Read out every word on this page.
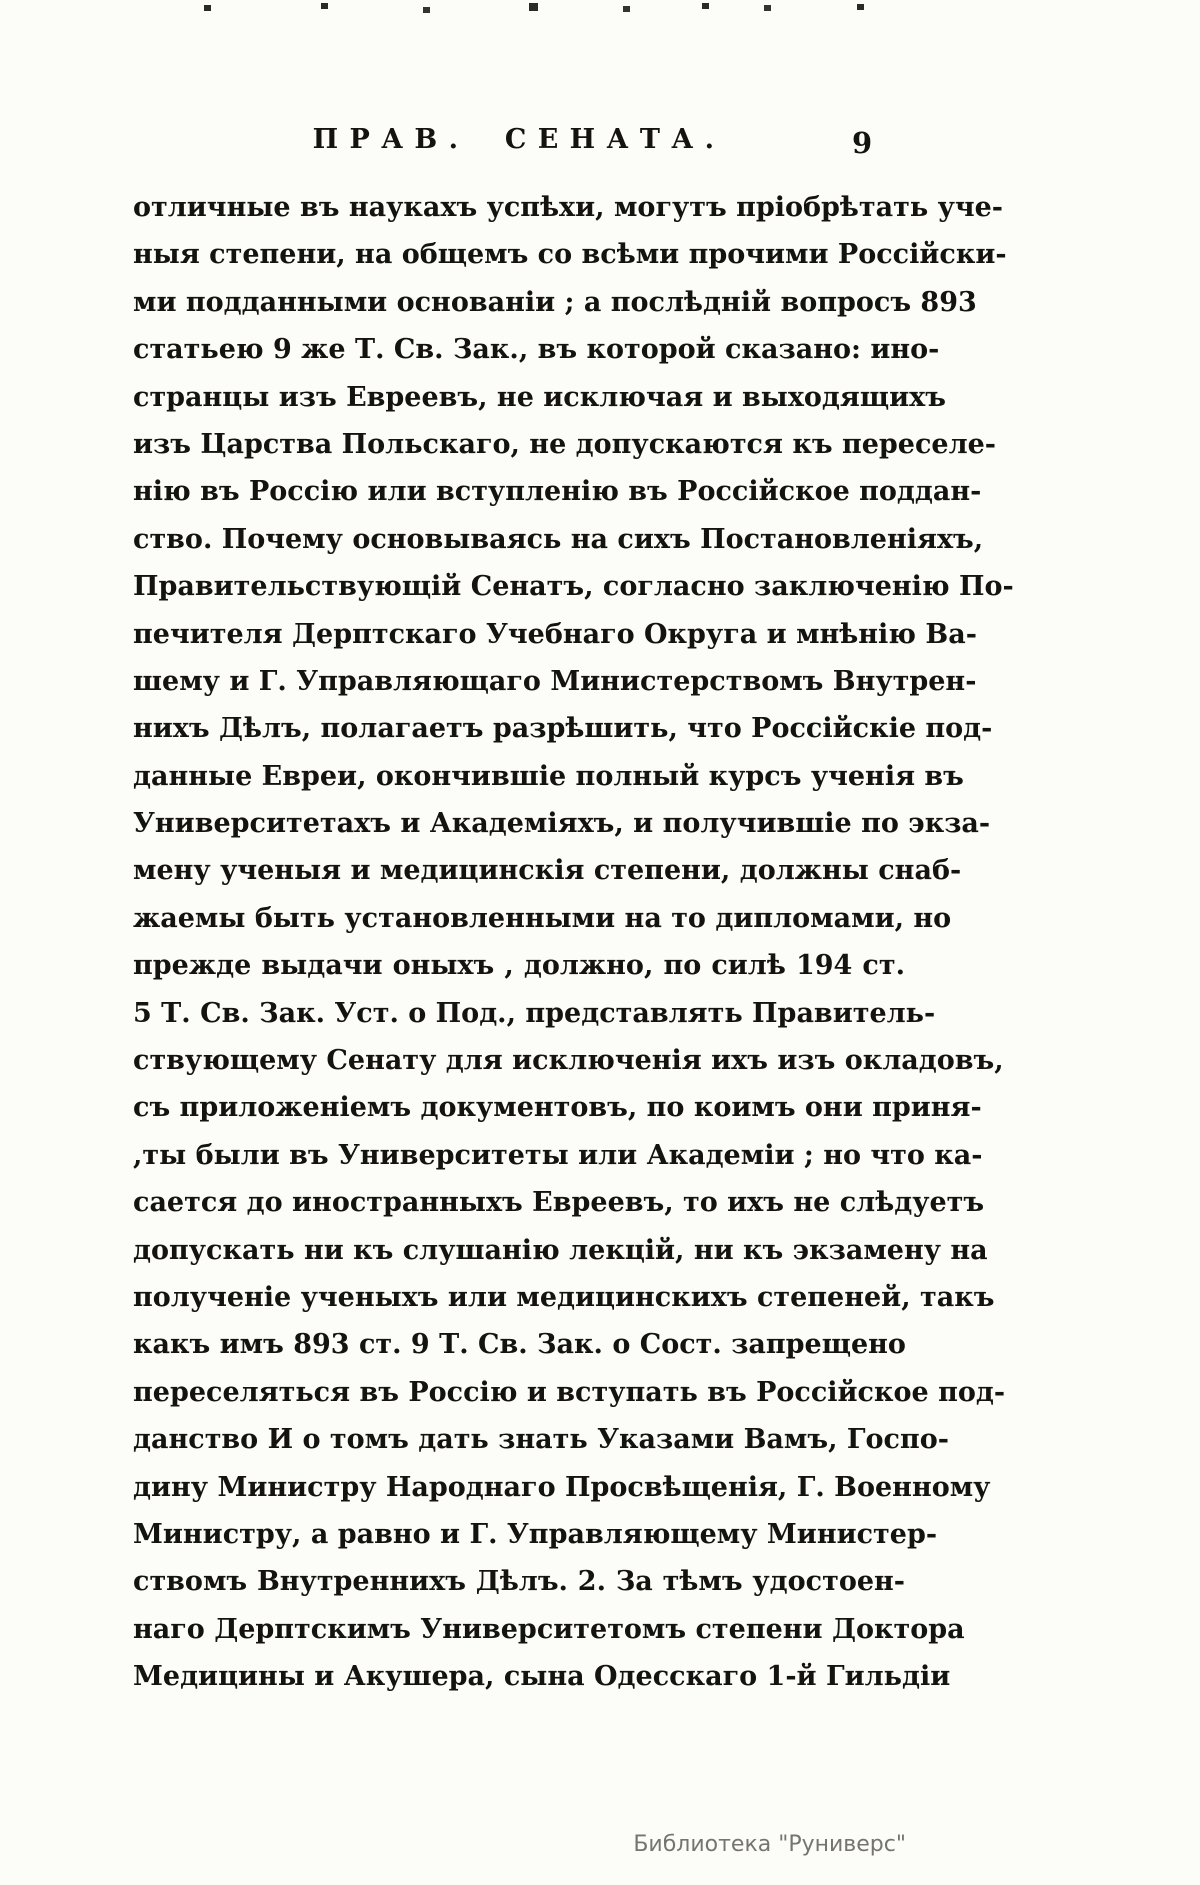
ПРАВ. СЕНАТА.	9
отличные въ наукахъ успѣхи, могутъ пріобрѣтать уче-
ныя степени, на общемъ со всѣми прочими Россійски-
ми подданными основаніи ; а послѣдній вопросъ 893
статьею 9 же Т. Св. Зак., въ которой сказано: ино-
странцы изъ Евреевъ, не исключая и выходящихъ
изъ Царства Польскаго, не допускаются къ переселе-
нію въ Россію или вступленію въ Россійское поддан-
ство. Почему основываясь на сихъ Постановленіяхъ,
Правительствующій Сенатъ, согласно заключенію По-
печителя Дерптскаго Учебнаго Округа и мнѣнію Ва-
шему и Г. Управляющаго Министерствомъ Внутрен-
нихъ Дѣлъ, полагаетъ разрѣшить, что Россійскіе под-
данные Евреи, окончившіе полный курсъ ученія въ
Университетахъ и Академіяхъ, и получившіе по экза-
мену ученыя и медицинскія степени, должны снаб-
жаемы быть установленными на то дипломами, но
прежде выдачи оныхъ , должно, по силѣ 194 ст.
5 Т. Св. Зак. Уст. о Под., представлять Правитель-
ствующему Сенату для исключенія ихъ изъ окладовъ,
съ приложеніемъ документовъ, по коимъ они приня-
,ты были въ Университеты или Академіи ; но что ка-
сается до иностранныхъ Евреевъ, то ихъ не слѣдуетъ
допускать ни къ слушанію лекцій, ни къ экзамену на
полученіе ученыхъ или медицинскихъ степеней, такъ
какъ имъ 893 ст. 9 Т. Св. Зак. о Сост. запрещено
переселяться въ Россію и вступать въ Россійское под-
данство И о томъ дать знать Указами Вамъ, Госпо-
дину Министру Народнаго Просвѣщенія, Г. Военному
Министру, а равно и Г. Управляющему Министер-
ствомъ Внутреннихъ Дѣлъ. 2. За тѣмъ удостоен-
наго Дерптскимъ Университетомъ степени Доктора
Медицины и Акушера, сына Одесскаго 1-й Гильдіи
Библиотека "Руниверс"
